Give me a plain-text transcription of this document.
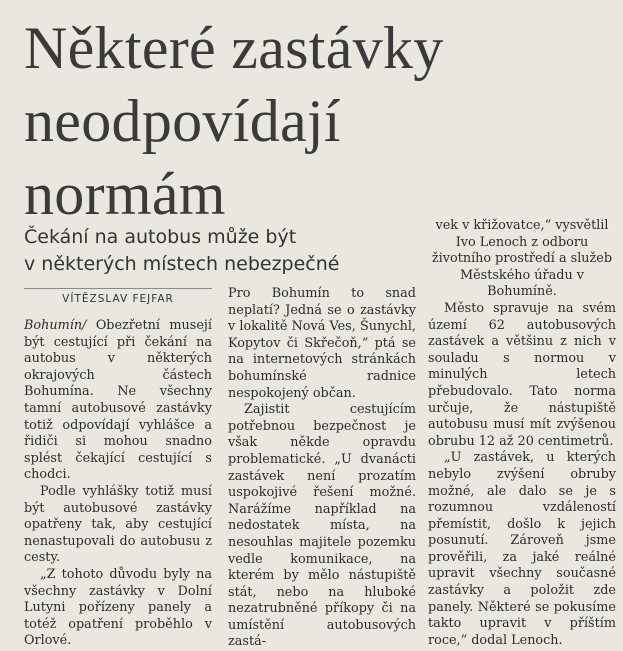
Některé zastávky
neodpovídají
normám
Čekání na autobus může být
v některých místech nebezpečné
VÍTĚZSLAV FEJFAR

Bohumín/ Obezřetní musejí být cestující při čekání na autobus v některých okrajových částech Bohumína. Ne všechny tamní autobusové zastávky totiž odpovídají vyhlášce a řidiči si mohou snadno splést čekající cestující s chodci.

Podle vyhlášky totiž musí být autobusové zastávky opatřeny tak, aby cestující nenastupovali do autobusu z cesty.

„Z tohoto důvodu byly na všechny zastávky v Dolní Lutyni pořízeny panely a totéž opatření proběhlo v Orlové.

Pro Bohumín to snad neplatí? Jedná se o zastávky v lokalitě Nová Ves, Šunychl, Kopytov či Skřečoň,“ ptá se na internetových stránkách bohumínské radnice nespokojený občan.

Zajistit cestujícím potřebnou bezpečnost je však někde opravdu problematické. „U dvanácti zastávek není prozatím uspokojivé řešení možné. Narážíme například na nedostatek místa, na nesouhlas majitele pozemku vedle komunikace, na kterém by mělo nástupiště stát, nebo na hluboké nezatrubněné příkopy či na umístění autobusových zastá-

vek v křižovatce,“ vysvětlil Ivo Lenoch z odboru životního prostředí a služeb Městského úřadu v Bohumíně.

Město spravuje na svém území 62 autobusových zastávek a většinu z nich v souladu s normou v minulých letech přebudovalo. Tato norma určuje, že nástupiště autobusu musí mít zvýšenou obrubu 12 až 20 centimetrů.

„U zastávek, u kterých nebylo zvýšení obruby možné, ale dalo se je s rozumnou vzdáleností přemístit, došlo k jejich posunutí. Zároveň jsme prověřili, za jaké reálné upravit všechny současné zastávky a položit zde panely. Některé se pokusíme takto upravit v příštím roce,“ dodal Lenoch.
